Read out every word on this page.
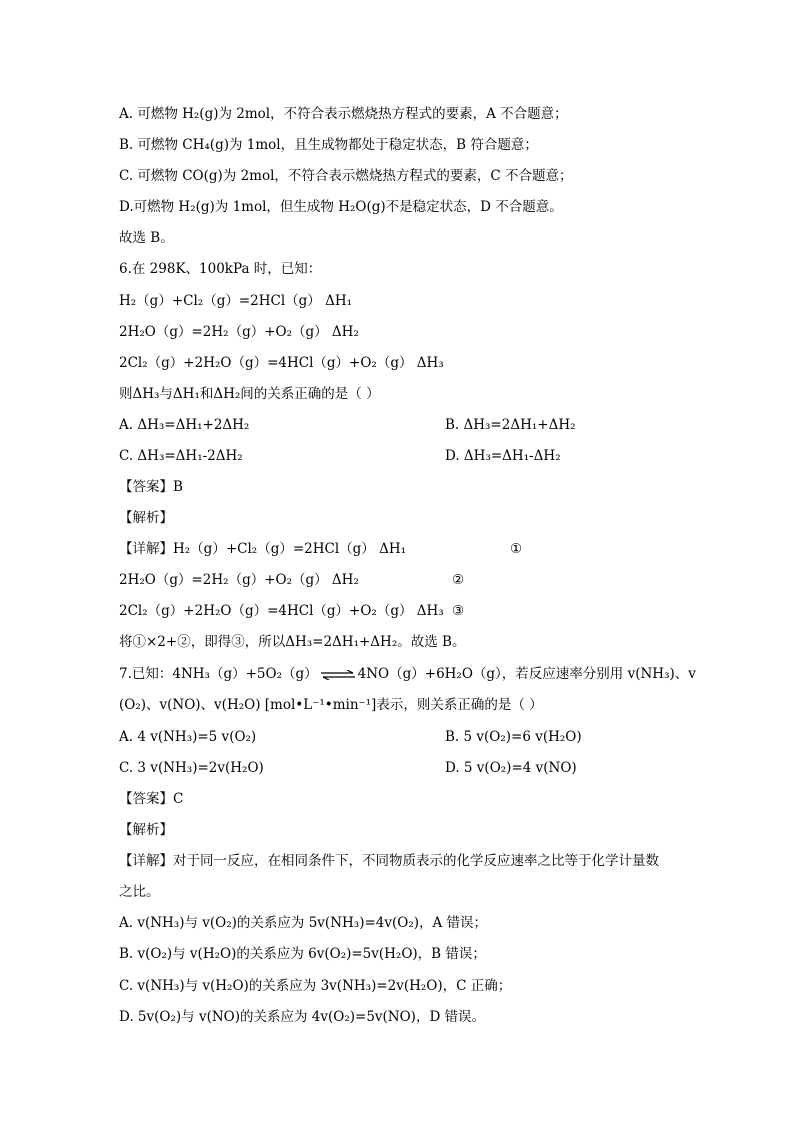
A. 可燃物 H₂(g)为 2mol，不符合表示燃烧热方程式的要素，A 不合题意；
B. 可燃物 CH₄(g)为 1mol，且生成物都处于稳定状态，B 符合题意；
C. 可燃物 CO(g)为 2mol，不符合表示燃烧热方程式的要素，C 不合题意；
D.可燃物 H₂(g)为 1mol，但生成物 H₂O(g)不是稳定状态，D 不合题意。
故选 B。
6.在 298K、100kPa 时，已知：
H₂（g）+Cl₂（g）=2HCl（g） ΔH₁
2H₂O（g）=2H₂（g）+O₂（g） ΔH₂
2Cl₂（g）+2H₂O（g）=4HCl（g）+O₂（g） ΔH₃
则ΔH₃与ΔH₁和ΔH₂间的关系正确的是（ ）
A. ΔH₃=ΔH₁+2ΔH₂	B. ΔH₃=2ΔH₁+ΔH₂
C. ΔH₃=ΔH₁-2ΔH₂	D. ΔH₃=ΔH₁-ΔH₂
【答案】B
【解析】
【详解】H₂（g）+Cl₂（g）=2HCl（g） ΔH₁	①
2H₂O（g）=2H₂（g）+O₂（g） ΔH₂	②
2Cl₂（g）+2H₂O（g）=4HCl（g）+O₂（g） ΔH₃ ③
将①×2+②，即得③，所以ΔH₃=2ΔH₁+ΔH₂。故选 B。
7.已知：4NH₃（g）+5O₂（g） ⇌ 4NO（g）+6H₂O（g），若反应速率分别用 v(NH₃)、v
(O₂)、v(NO)、v(H₂O) [mol•L⁻¹•min⁻¹]表示，则关系正确的是（ ）
A. 4 v(NH₃)=5 v(O₂)	B. 5 v(O₂)=6 v(H₂O)
C. 3 v(NH₃)=2v(H₂O)	D. 5 v(O₂)=4 v(NO)
【答案】C
【解析】
【详解】对于同一反应，在相同条件下，不同物质表示的化学反应速率之比等于化学计量数
之比。
A. v(NH₃)与 v(O₂)的关系应为 5v(NH₃)=4v(O₂)，A 错误；
B. v(O₂)与 v(H₂O)的关系应为 6v(O₂)=5v(H₂O)，B 错误；
C. v(NH₃)与 v(H₂O)的关系应为 3v(NH₃)=2v(H₂O)，C 正确；
D. 5v(O₂)与 v(NO)的关系应为 4v(O₂)=5v(NO)，D 错误。
